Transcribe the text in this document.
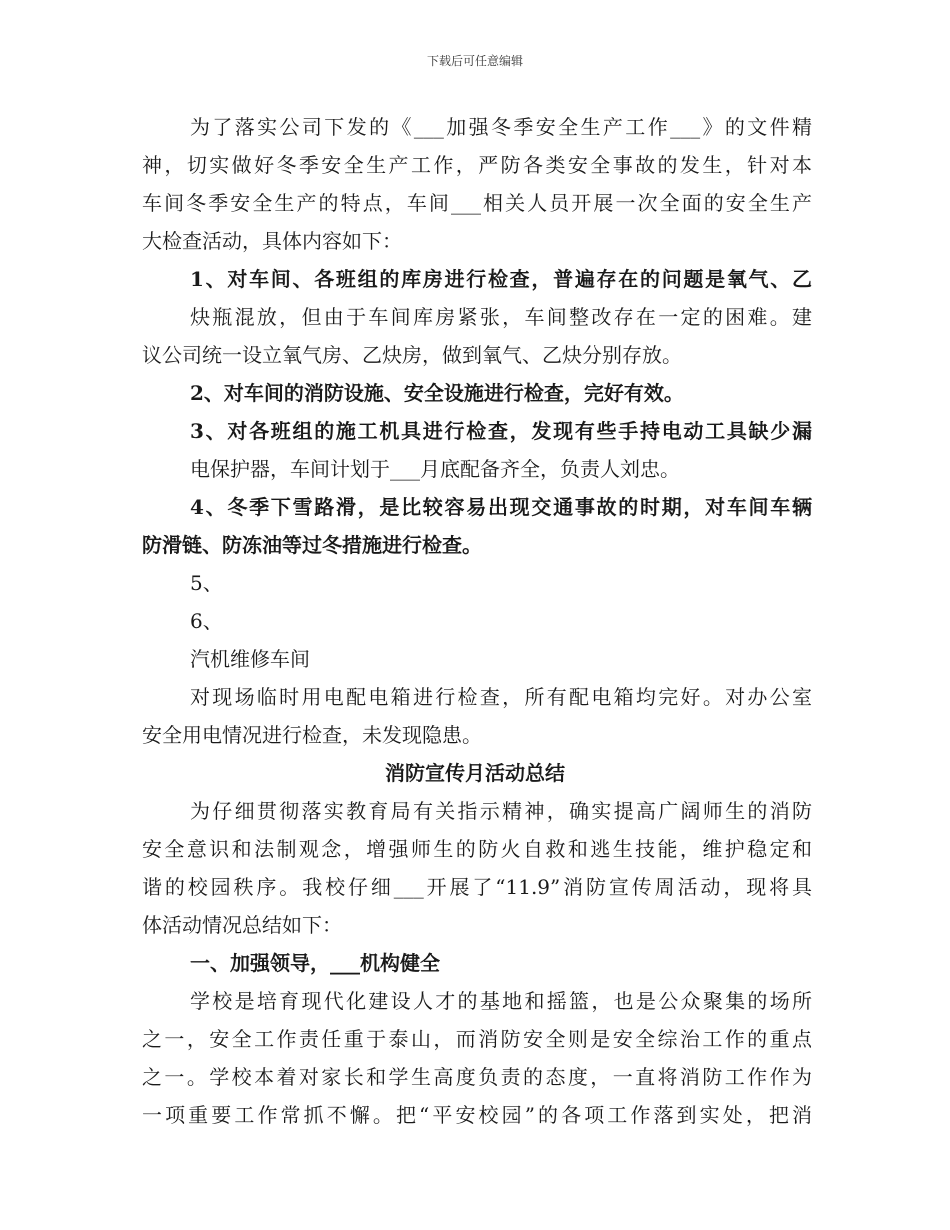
下载后可任意编辑
为了落实公司下发的《___加强冬季安全生产工作___》的文件精
神，切实做好冬季安全生产工作，严防各类安全事故的发生，针对本
车间冬季安全生产的特点，车间___相关人员开展一次全面的安全生产
大检查活动，具体内容如下：
1、对车间、各班组的库房进行检查，普遍存在的问题是氧气、乙
炔瓶混放，但由于车间库房紧张，车间整改存在一定的困难。建
议公司统一设立氧气房、乙炔房，做到氧气、乙炔分别存放。
2、对车间的消防设施、安全设施进行检查，完好有效。
3、对各班组的施工机具进行检查，发现有些手持电动工具缺少漏
电保护器，车间计划于___月底配备齐全，负责人刘忠。
4、冬季下雪路滑，是比较容易出现交通事故的时期，对车间车辆
防滑链、防冻油等过冬措施进行检查。
5、
6、
汽机维修车间
对现场临时用电配电箱进行检查，所有配电箱均完好。对办公室
安全用电情况进行检查，未发现隐患。
消防宣传月活动总结
为仔细贯彻落实教育局有关指示精神，确实提高广阔师生的消防
安全意识和法制观念，增强师生的防火自救和逃生技能，维护稳定和
谐的校园秩序。我校仔细___开展了“11.9”消防宣传周活动，现将具
体活动情况总结如下：
一、加强领导，___机构健全
学校是培育现代化建设人才的基地和摇篮，也是公众聚集的场所
之一，安全工作责任重于泰山，而消防安全则是安全综治工作的重点
之一。学校本着对家长和学生高度负责的态度，一直将消防工作作为
一项重要工作常抓不懈。把“平安校园”的各项工作落到实处，把消
